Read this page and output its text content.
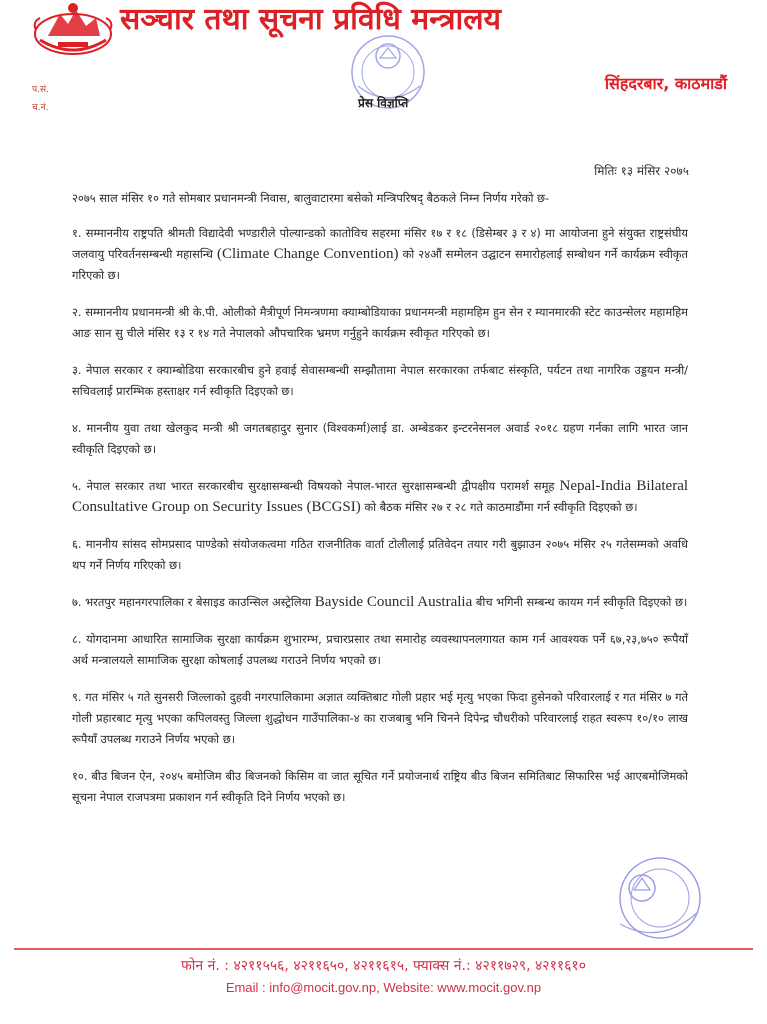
सञ्चार तथा सूचना प्रविधि मन्त्रालय
प.सं.
च.नं.
सिंहदरबार, काठमाडौं
प्रेस विज्ञप्ति
मितिः १३ मंसिर २०७५

२०७५ साल मंसिर १० गते सोमबार प्रधानमन्त्री निवास, बालुवाटारमा बसेको मन्त्रिपरिषद् बैठकले निम्न निर्णय गरेको छ-

१. सम्माननीय राष्ट्रपति श्रीमती विद्यादेवी भण्डारीले पोल्यान्डको कातोविच सहरमा मंसिर १७ र १८ (डिसेम्बर ३ र ४) मा आयोजना हुने संयुक्त राष्ट्रसंघीय जलवायु परिवर्तनसम्बन्धी महासन्धि (Climate Change Convention) को २४औं सम्मेलन उद्घाटन समारोहलाई सम्बोधन गर्ने कार्यक्रम स्वीकृत गरिएको छ।

२. सम्माननीय प्रधानमन्त्री श्री के.पी. ओलीको मैत्रीपूर्ण निमन्त्रणमा क्याम्बोडियाका प्रधानमन्त्री महामहिम हुन सेन र म्यानमारकी स्टेट काउन्सेलर महामहिम आङ सान सु चीले मंसिर १३ र १४ गते नेपालको औपचारिक भ्रमण गर्नुहुने कार्यक्रम स्वीकृत गरिएको छ।

३. नेपाल सरकार र क्याम्बोडिया सरकारबीच हुने हवाई सेवासम्बन्धी सम्झौतामा नेपाल सरकारका तर्फबाट संस्कृति, पर्यटन तथा नागरिक उड्डयन मन्त्री/सचिवलाई प्रारम्भिक हस्ताक्षर गर्न स्वीकृति दिइएको छ।

४. माननीय युवा तथा खेलकुद मन्त्री श्री जगतबहादुर सुनार (विश्वकर्मा)लाई डा. अम्बेडकर इन्टरनेसनल अवार्ड २०१८ ग्रहण गर्नका लागि भारत जान स्वीकृति दिइएको छ।

५. नेपाल सरकार तथा भारत सरकारबीच सुरक्षासम्बन्धी विषयको नेपाल-भारत सुरक्षासम्बन्धी द्वीपक्षीय परामर्श समूह Nepal-India Bilateral Consultative Group on Security Issues (BCGSI) को बैठक मंसिर २७ र २८ गते काठमाडौंमा गर्न स्वीकृति दिइएको छ।

६. माननीय सांसद सोमप्रसाद पाण्डेको संयोजकत्वमा गठित राजनीतिक वार्ता टोलीलाई प्रतिवेदन तयार गरी बुझाउन २०७५ मंसिर २५ गतेसम्मको अवधि थप गर्ने निर्णय गरिएको छ।

७. भरतपुर महानगरपालिका र बेसाइड काउन्सिल अस्ट्रेलिया Bayside Council Australia बीच भगिनी सम्बन्ध कायम गर्न स्वीकृति दिइएको छ।

८. योगदानमा आधारित सामाजिक सुरक्षा कार्यक्रम शुभारम्भ, प्रचारप्रसार तथा समारोह व्यवस्थापनलगायत काम गर्न आवश्यक पर्ने ६७,२३,७५० रूपैयाँ अर्थ मन्त्रालयले सामाजिक सुरक्षा कोषलाई उपलब्ध गराउने निर्णय भएको छ।

९. गत मंसिर ५ गते सुनसरी जिल्लाको दुहवी नगरपालिकामा अज्ञात व्यक्तिबाट गोली प्रहार भई मृत्यु भएका फिदा हुसेनको परिवारलाई र गत मंसिर ७ गते गोली प्रहारबाट मृत्यु भएका कपिलवस्तु जिल्ला शुद्धोधन गाउँपालिका-४ का राजबाबु भनि चिनने दिपेन्द्र चौधरीको परिवारलाई राहत स्वरूप १०/१० लाख रूपैयाँ उपलब्ध गराउने निर्णय भएको छ।

१०. बीउ बिजन ऐन, २०४५ बमोजिम बीउ बिजनको किसिम वा जात सूचित गर्ने प्रयोजनार्थ राष्ट्रिय बीउ बिजन समितिबाट सिफारिस भई आएबमोजिमको सूचना नेपाल राजपत्रमा प्रकाशन गर्न स्वीकृति दिने निर्णय भएको छ।

फोन नं. : ४२११५५६, ४२११६५०, ४२११६१५, फ्याक्स नं.: ४२११७२९, ४२११६१०
Email : info@mocit.gov.np, Website: www.mocit.gov.np
